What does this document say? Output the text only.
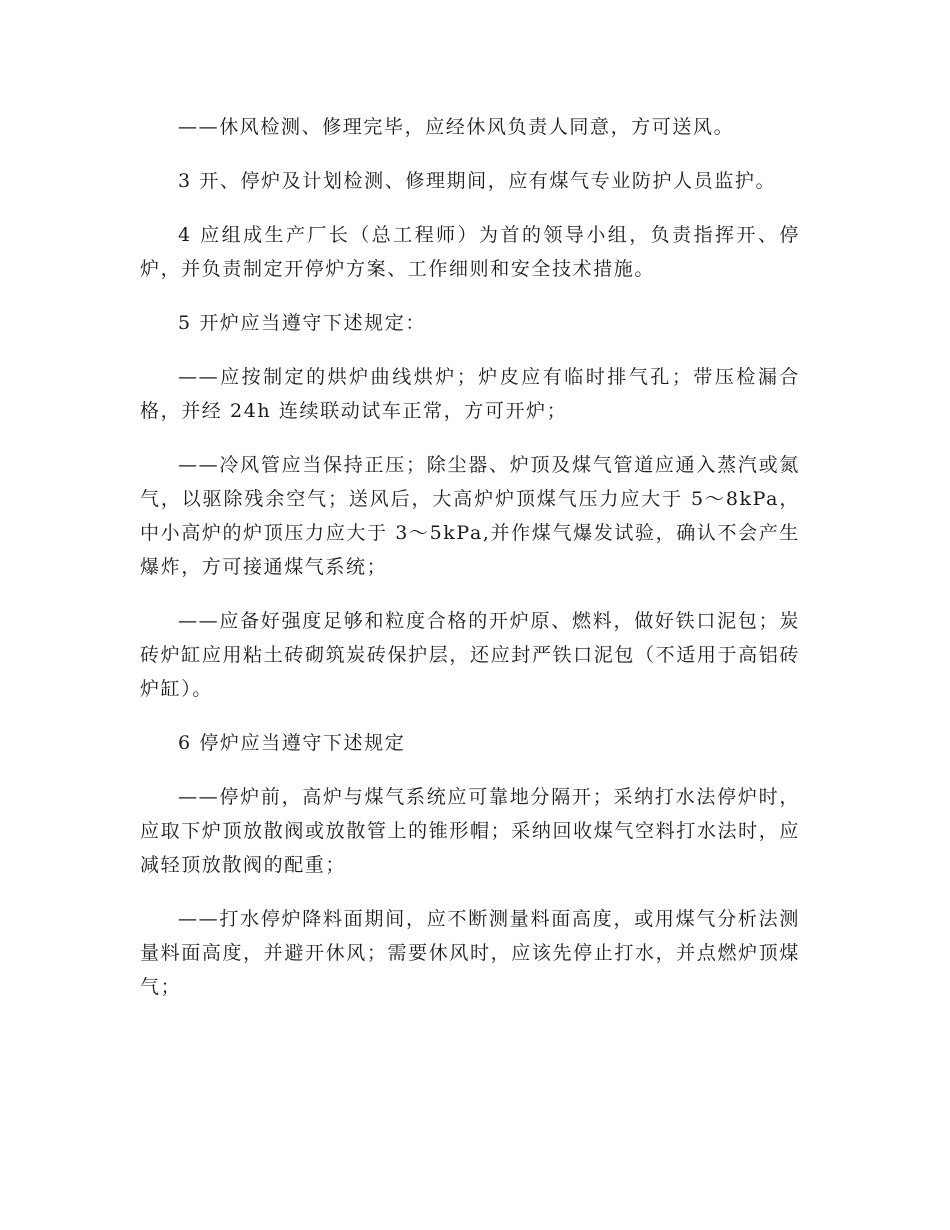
——休风检测、修理完毕，应经休风负责人同意，方可送风。

3 开、停炉及计划检测、修理期间，应有煤气专业防护人员监护。

4 应组成生产厂长（总工程师）为首的领导小组，负责指挥开、停炉，并负责制定开停炉方案、工作细则和安全技术措施。

5 开炉应当遵守下述规定：

——应按制定的烘炉曲线烘炉；炉皮应有临时排气孔；带压检漏合格，并经 24h 连续联动试车正常，方可开炉；

——冷风管应当保持正压；除尘器、炉顶及煤气管道应通入蒸汽或氮气，以驱除残余空气；送风后，大高炉炉顶煤气压力应大于 5～8kPa，中小高炉的炉顶压力应大于 3～5kPa,并作煤气爆发试验，确认不会产生爆炸，方可接通煤气系统；

——应备好强度足够和粒度合格的开炉原、燃料，做好铁口泥包；炭砖炉缸应用粘土砖砌筑炭砖保护层，还应封严铁口泥包（不适用于高铝砖炉缸）。

6 停炉应当遵守下述规定

——停炉前，高炉与煤气系统应可靠地分隔开；采纳打水法停炉时，应取下炉顶放散阀或放散管上的锥形帽；采纳回收煤气空料打水法时，应减轻顶放散阀的配重；

——打水停炉降料面期间，应不断测量料面高度，或用煤气分析法测量料面高度，并避开休风；需要休风时，应该先停止打水，并点燃炉顶煤气；
